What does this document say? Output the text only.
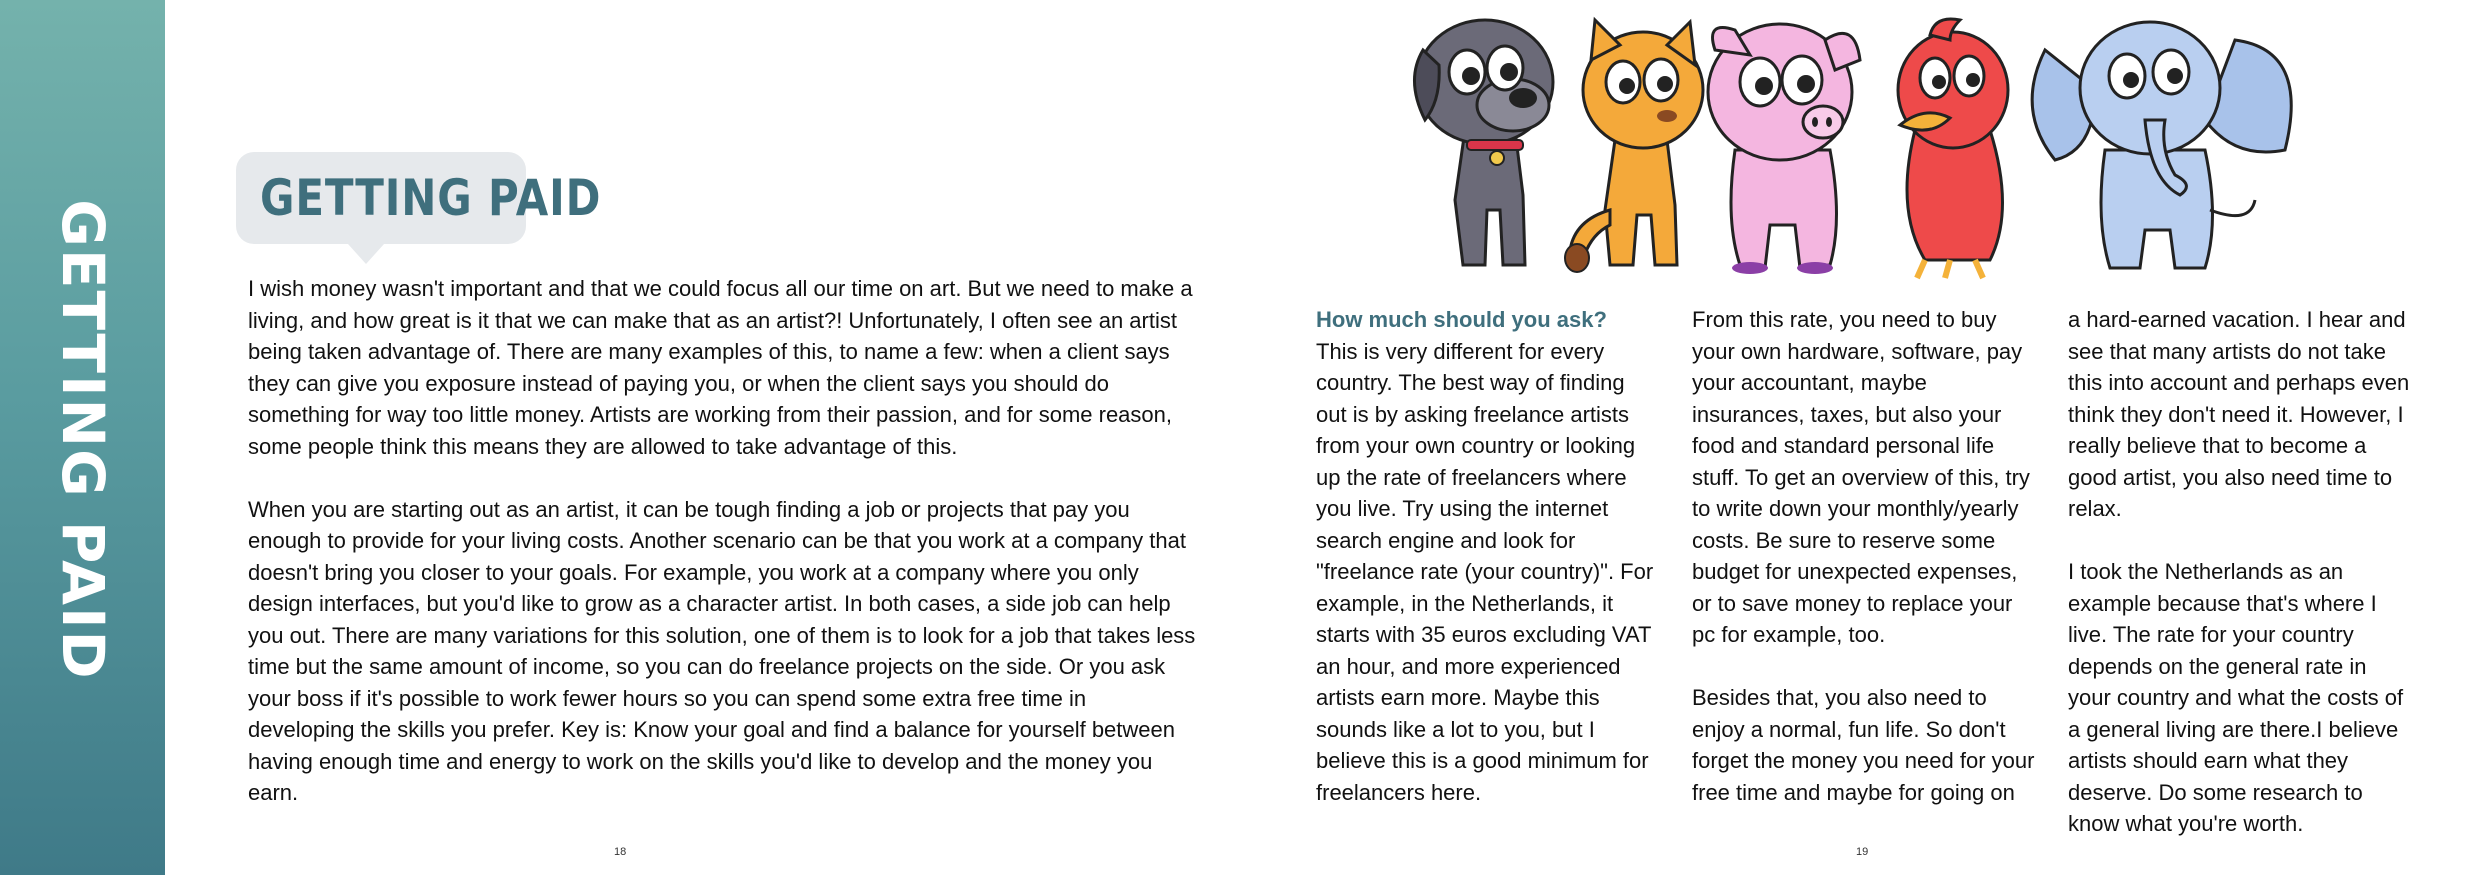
GETTING PAID
GETTING PAID

I wish money wasn't important and that we could focus all our time on art. But we need to make a living, and how great is it that we can make that as an artist?! Unfortunately, I often see an artist being taken advantage of. There are many examples of this, to name a few: when a client says they can give you exposure instead of paying you, or when the client says you should do something for way too little money. Artists are working from their passion, and for some reason, some people think this means they are allowed to take advantage of this.

When you are starting out as an artist, it can be tough finding a job or projects that pay you enough to provide for your living costs. Another scenario can be that you work at a company that doesn't bring you closer to your goals. For example, you work at a company where you only design interfaces, but you'd like to grow as a character artist. In both cases, a side job can help you out. There are many variations for this solution, one of them is to look for a job that takes less time but the same amount of income, so you can do freelance projects on the side. Or you ask your boss if it's possible to work fewer hours so you can spend some extra free time in developing the skills you prefer. Key is: Know your goal and find a balance for yourself between having enough time and energy to work on the skills you'd like to develop and the money you earn.

How much should you ask?

This is very different for every country. The best way of finding out is by asking freelance artists from your own country or looking up the rate of freelancers where you live. Try using the internet search engine and look for "freelance rate (your country)". For example, in the Netherlands, it starts with 35 euros excluding VAT an hour, and more experienced artists earn more. Maybe this sounds like a lot to you, but I believe this is a good minimum for freelancers here.

From this rate, you need to buy your own hardware, software, pay your accountant, maybe insurances, taxes, but also your food and standard personal life stuff. To get an overview of this, try to write down your monthly/yearly costs. Be sure to reserve some budget for unexpected expenses, or to save money to replace your pc for example, too.

Besides that, you also need to enjoy a normal, fun life. So don't forget the money you need for your free time and maybe for going on

a hard-earned vacation. I hear and see that many artists do not take this into account and perhaps even think they don't need it. However, I really believe that to become a good artist, you also need time to relax.

I took the Netherlands as an example because that's where I live. The rate for your country depends on the general rate in your country and what the costs of a general living are there.I believe artists should earn what they deserve. Do some research to know what you're worth.

18	19
